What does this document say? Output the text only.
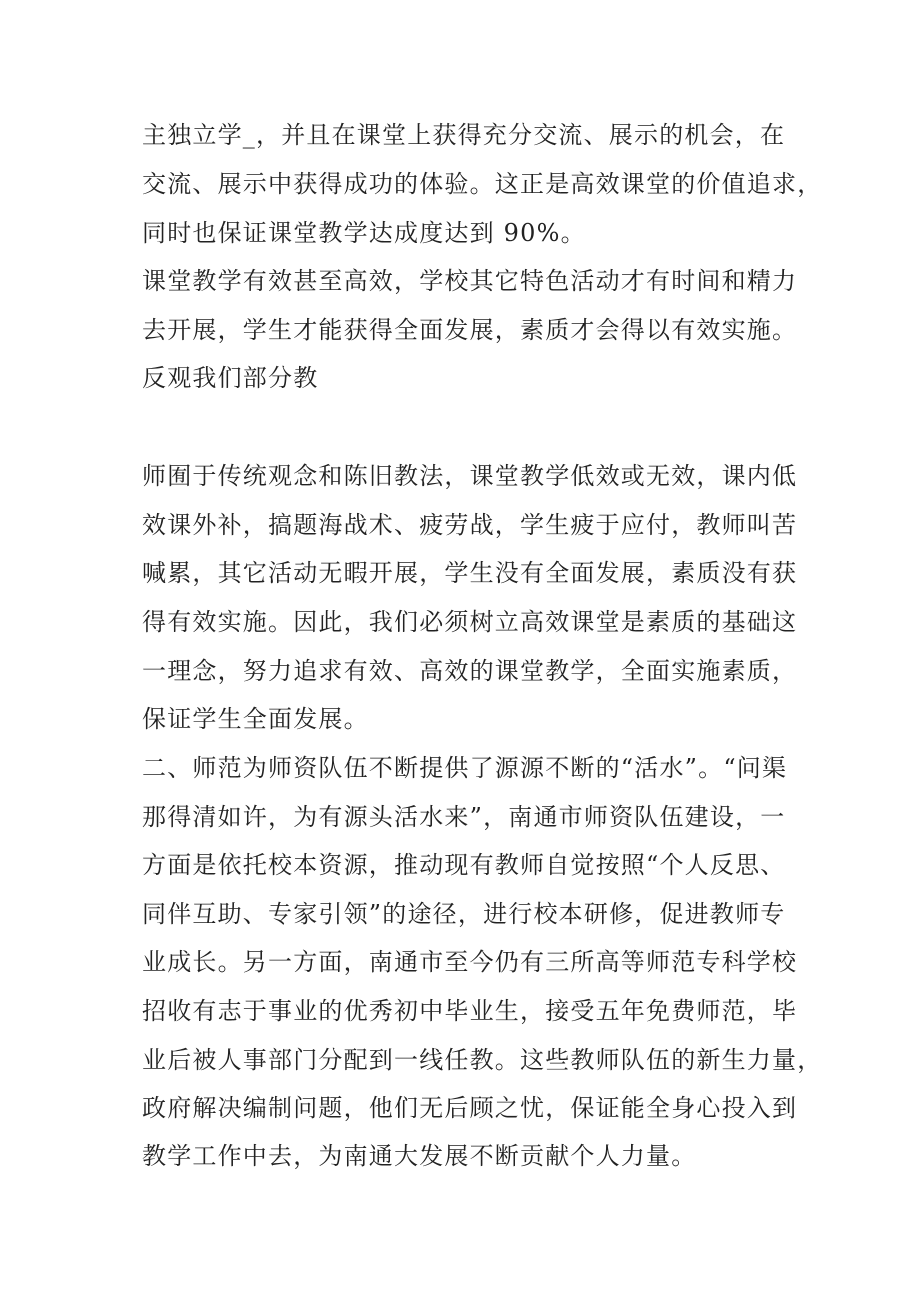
主独立学_，并且在课堂上获得充分交流、展示的机会，在
交流、展示中获得成功的体验。这正是高效课堂的价值追求，
同时也保证课堂教学达成度达到 90%。
课堂教学有效甚至高效，学校其它特色活动才有时间和精力
去开展，学生才能获得全面发展，素质才会得以有效实施。
反观我们部分教
师囿于传统观念和陈旧教法，课堂教学低效或无效，课内低
效课外补，搞题海战术、疲劳战，学生疲于应付，教师叫苦
喊累，其它活动无暇开展，学生没有全面发展，素质没有获
得有效实施。因此，我们必须树立高效课堂是素质的基础这
一理念，努力追求有效、高效的课堂教学，全面实施素质，
保证学生全面发展。
二、师范为师资队伍不断提供了源源不断的“活水”。“问渠
那得清如许，为有源头活水来”，南通市师资队伍建设，一
方面是依托校本资源，推动现有教师自觉按照“个人反思、
同伴互助、专家引领”的途径，进行校本研修，促进教师专
业成长。另一方面，南通市至今仍有三所高等师范专科学校
招收有志于事业的优秀初中毕业生，接受五年免费师范，毕
业后被人事部门分配到一线任教。这些教师队伍的新生力量，
政府解决编制问题，他们无后顾之忧，保证能全身心投入到
教学工作中去，为南通大发展不断贡献个人力量。
